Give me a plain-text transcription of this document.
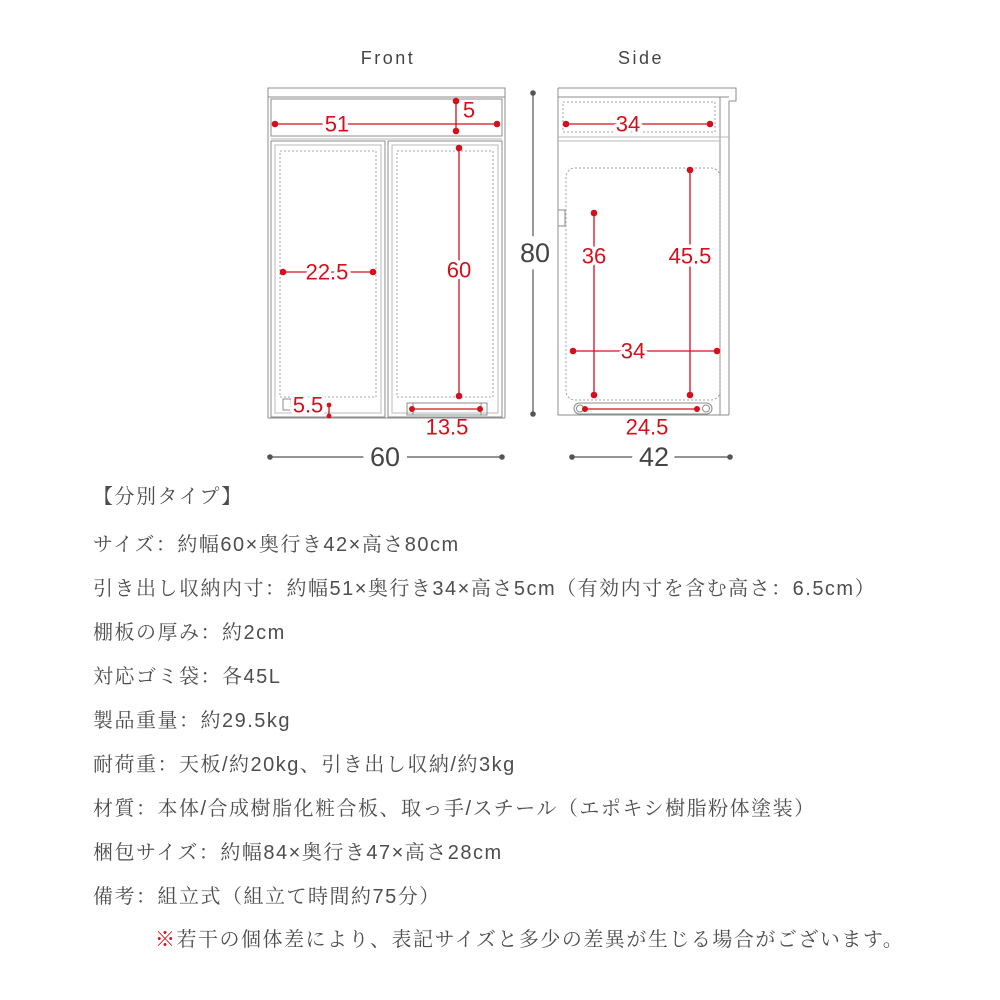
Front
51
5
22.5	60
5.5
13.5
60
80
Side
34
36	45.5
34
24.5
42
【分別タイプ】
サイズ：約幅60×奥行き42×高さ80cm
引き出し収納内寸：約幅51×奥行き34×高さ5cm（有効内寸を含む高さ：6.5cm）
棚板の厚み：約2cm
対応ゴミ袋：各45L
製品重量：約29.5kg
耐荷重：天板/約20kg、引き出し収納/約3kg
材質：本体/合成樹脂化粧合板、取っ手/スチール（エポキシ樹脂粉体塗装）
梱包サイズ：約幅84×奥行き47×高さ28cm
備考：組立式（組立て時間約75分）
※若干の個体差により、表記サイズと多少の差異が生じる場合がございます。
